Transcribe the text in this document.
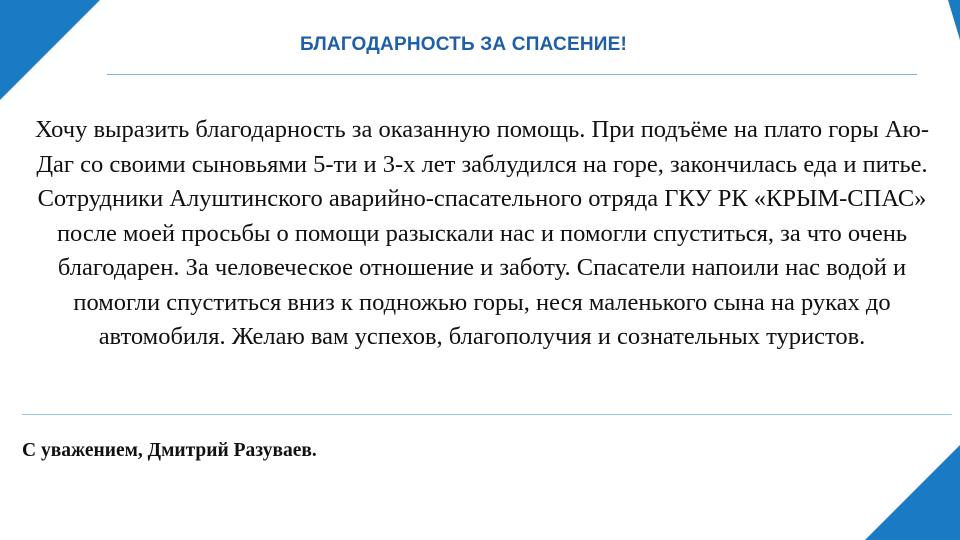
БЛАГОДАРНОСТЬ ЗА СПАСЕНИЕ!
Хочу выразить благодарность за оказанную помощь. При подъёме на плато горы Аю-Даг со своими сыновьями 5-ти и 3-х лет заблудился на горе, закончилась еда и питье. Сотрудники Алуштинского аварийно-спасательного отряда ГКУ РК «КРЫМ-СПАС» после моей просьбы о помощи разыскали нас и помогли спуститься, за что очень благодарен. За человеческое отношение и заботу. Спасатели напоили нас водой и помогли спуститься вниз к подножью горы, неся маленького сына на руках до автомобиля. Желаю вам успехов, благополучия и сознательных туристов.
С уважением, Дмитрий Разуваев.
